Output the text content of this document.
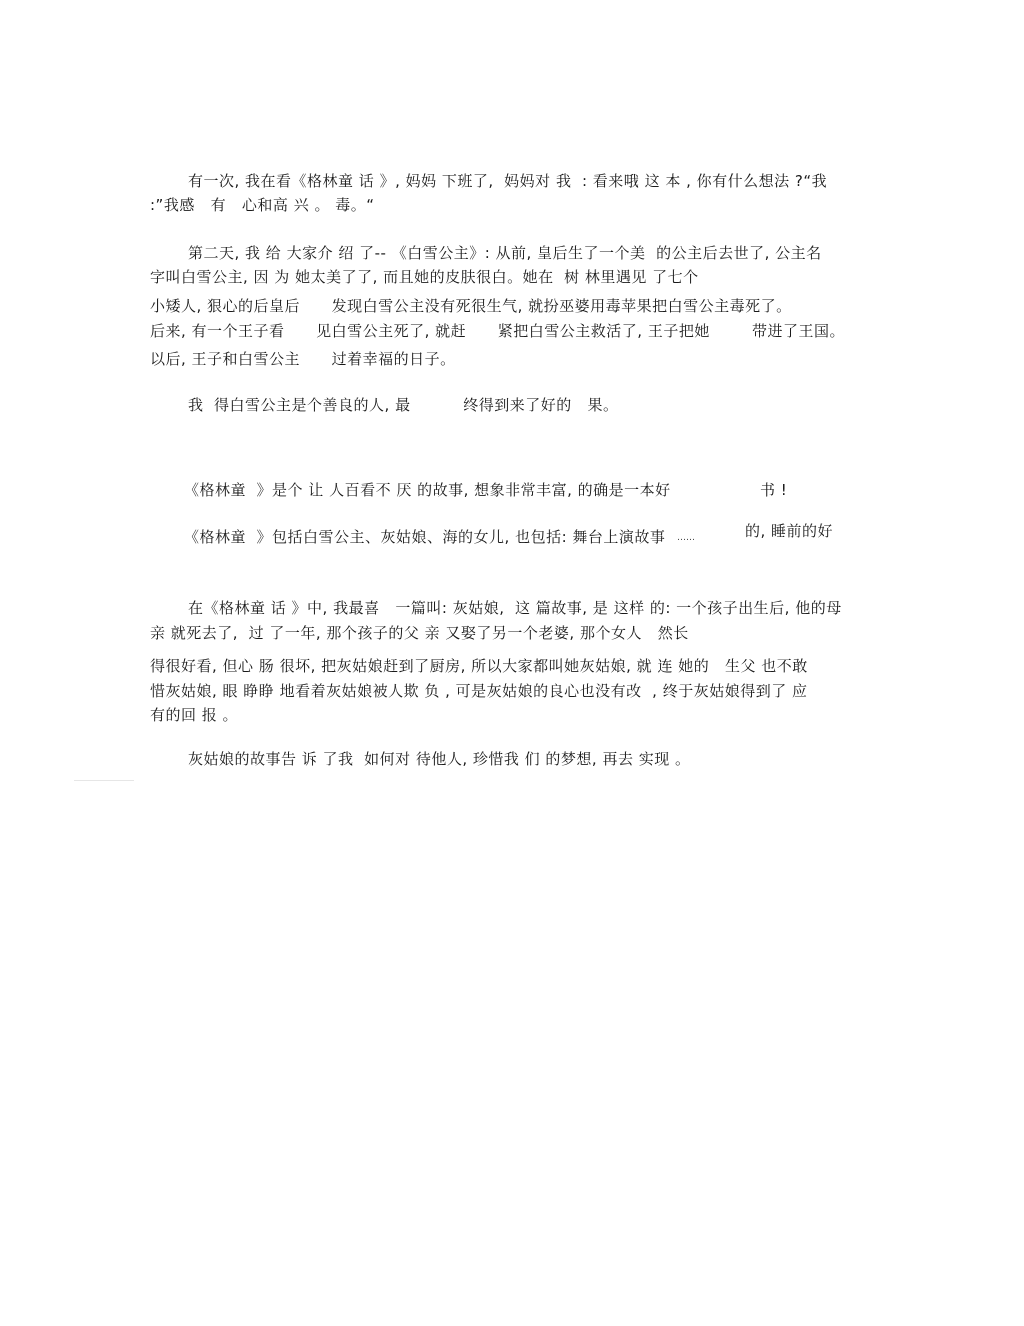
有一次, 我在看《格林童 话 》, 妈妈 下班了,  妈妈对 我  : 看来哦 这 本 , 你有什么想法 ?“我
:”我感   有   心和高 兴 。 毒。“
第二天, 我 给 大家介 绍 了-- 《白雪公主》: 从前, 皇后生了一个美  的公主后去世了, 公主名
字叫白雪公主, 因 为 她太美了了, 而且她的皮肤很白。她在  树 林里遇见 了七个
小矮人, 狠心的后皇后      发现白雪公主没有死很生气, 就扮巫婆用毒苹果把白雪公主毒死了。
后来, 有一个王子看      见白雪公主死了, 就赶      紧把白雪公主救活了, 王子把她        带进了王国。
以后, 王子和白雪公主      过着幸福的日子。
我  得白雪公主是个善良的人, 最          终得到来了好的   果。
《格林童  》是个 让 人百看不 厌 的故事, 想象非常丰富, 的确是一本好	书 !
《格林童  》包括白雪公主、灰姑娘、海的女儿, 也包括: 舞台上演故事 ……	的, 睡前的好
在《格林童 话 》中, 我最喜   一篇叫: 灰姑娘,  这 篇故事, 是 这样 的: 一个孩子出生后, 他的母
亲 就死去了,  过 了一年, 那个孩子的父 亲 又娶了另一个老婆, 那个女人   然长
得很好看, 但心 肠 很坏, 把灰姑娘赶到了厨房, 所以大家都叫她灰姑娘, 就 连 她的   生父 也不敢
惜灰姑娘, 眼 睁睁 地看着灰姑娘被人欺 负 , 可是灰姑娘的良心也没有改  , 终于灰姑娘得到了 应
有的回 报 。
灰姑娘的故事告 诉 了我  如何对 待他人, 珍惜我 们 的梦想, 再去 实现 。
